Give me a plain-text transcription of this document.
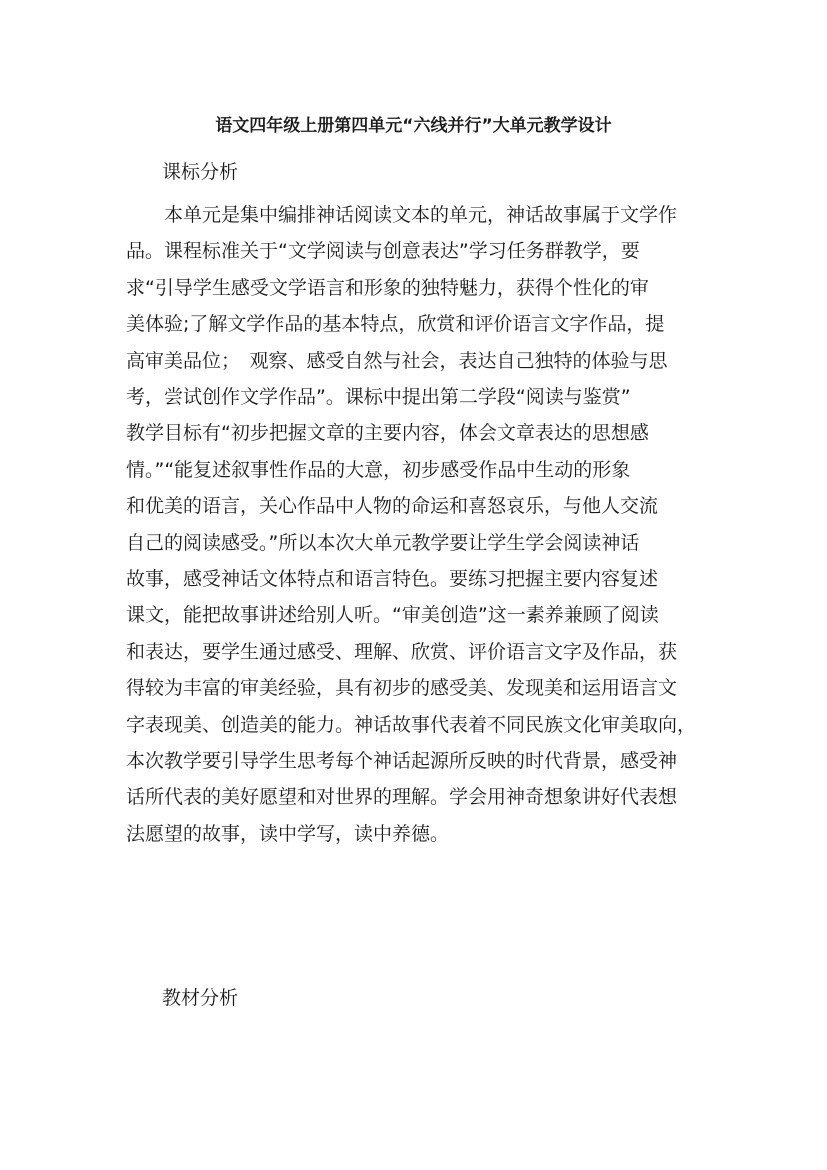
语文四年级上册第四单元“六线并行”大单元教学设计
课标分析
　　本单元是集中编排神话阅读文本的单元，神话故事属于文学作
品。课程标准关于“文学阅读与创意表达”学习任务群教学，要
求“引导学生感受文学语言和形象的独特魅力，获得个性化的审
美体验;了解文学作品的基本特点，欣赏和评价语言文字作品，提
高审美品位；　观察、感受自然与社会，表达自己独特的体验与思
考，尝试创作文学作品”。课标中提出第二学段“阅读与鉴赏”
教学目标有“初步把握文章的主要内容，体会文章表达的思想感
情。”“能复述叙事性作品的大意，初步感受作品中生动的形象
和优美的语言，关心作品中人物的命运和喜怒哀乐，与他人交流
自己的阅读感受。”所以本次大单元教学要让学生学会阅读神话
故事，感受神话文体特点和语言特色。要练习把握主要内容复述
课文，能把故事讲述给别人听。“审美创造”这一素养兼顾了阅读
和表达，要学生通过感受、理解、欣赏、评价语言文字及作品，获
得较为丰富的审美经验，具有初步的感受美、发现美和运用语言文
字表现美、创造美的能力。神话故事代表着不同民族文化审美取向，
本次教学要引导学生思考每个神话起源所反映的时代背景，感受神
话所代表的美好愿望和对世界的理解。学会用神奇想象讲好代表想
法愿望的故事，读中学写，读中养德。
教材分析
